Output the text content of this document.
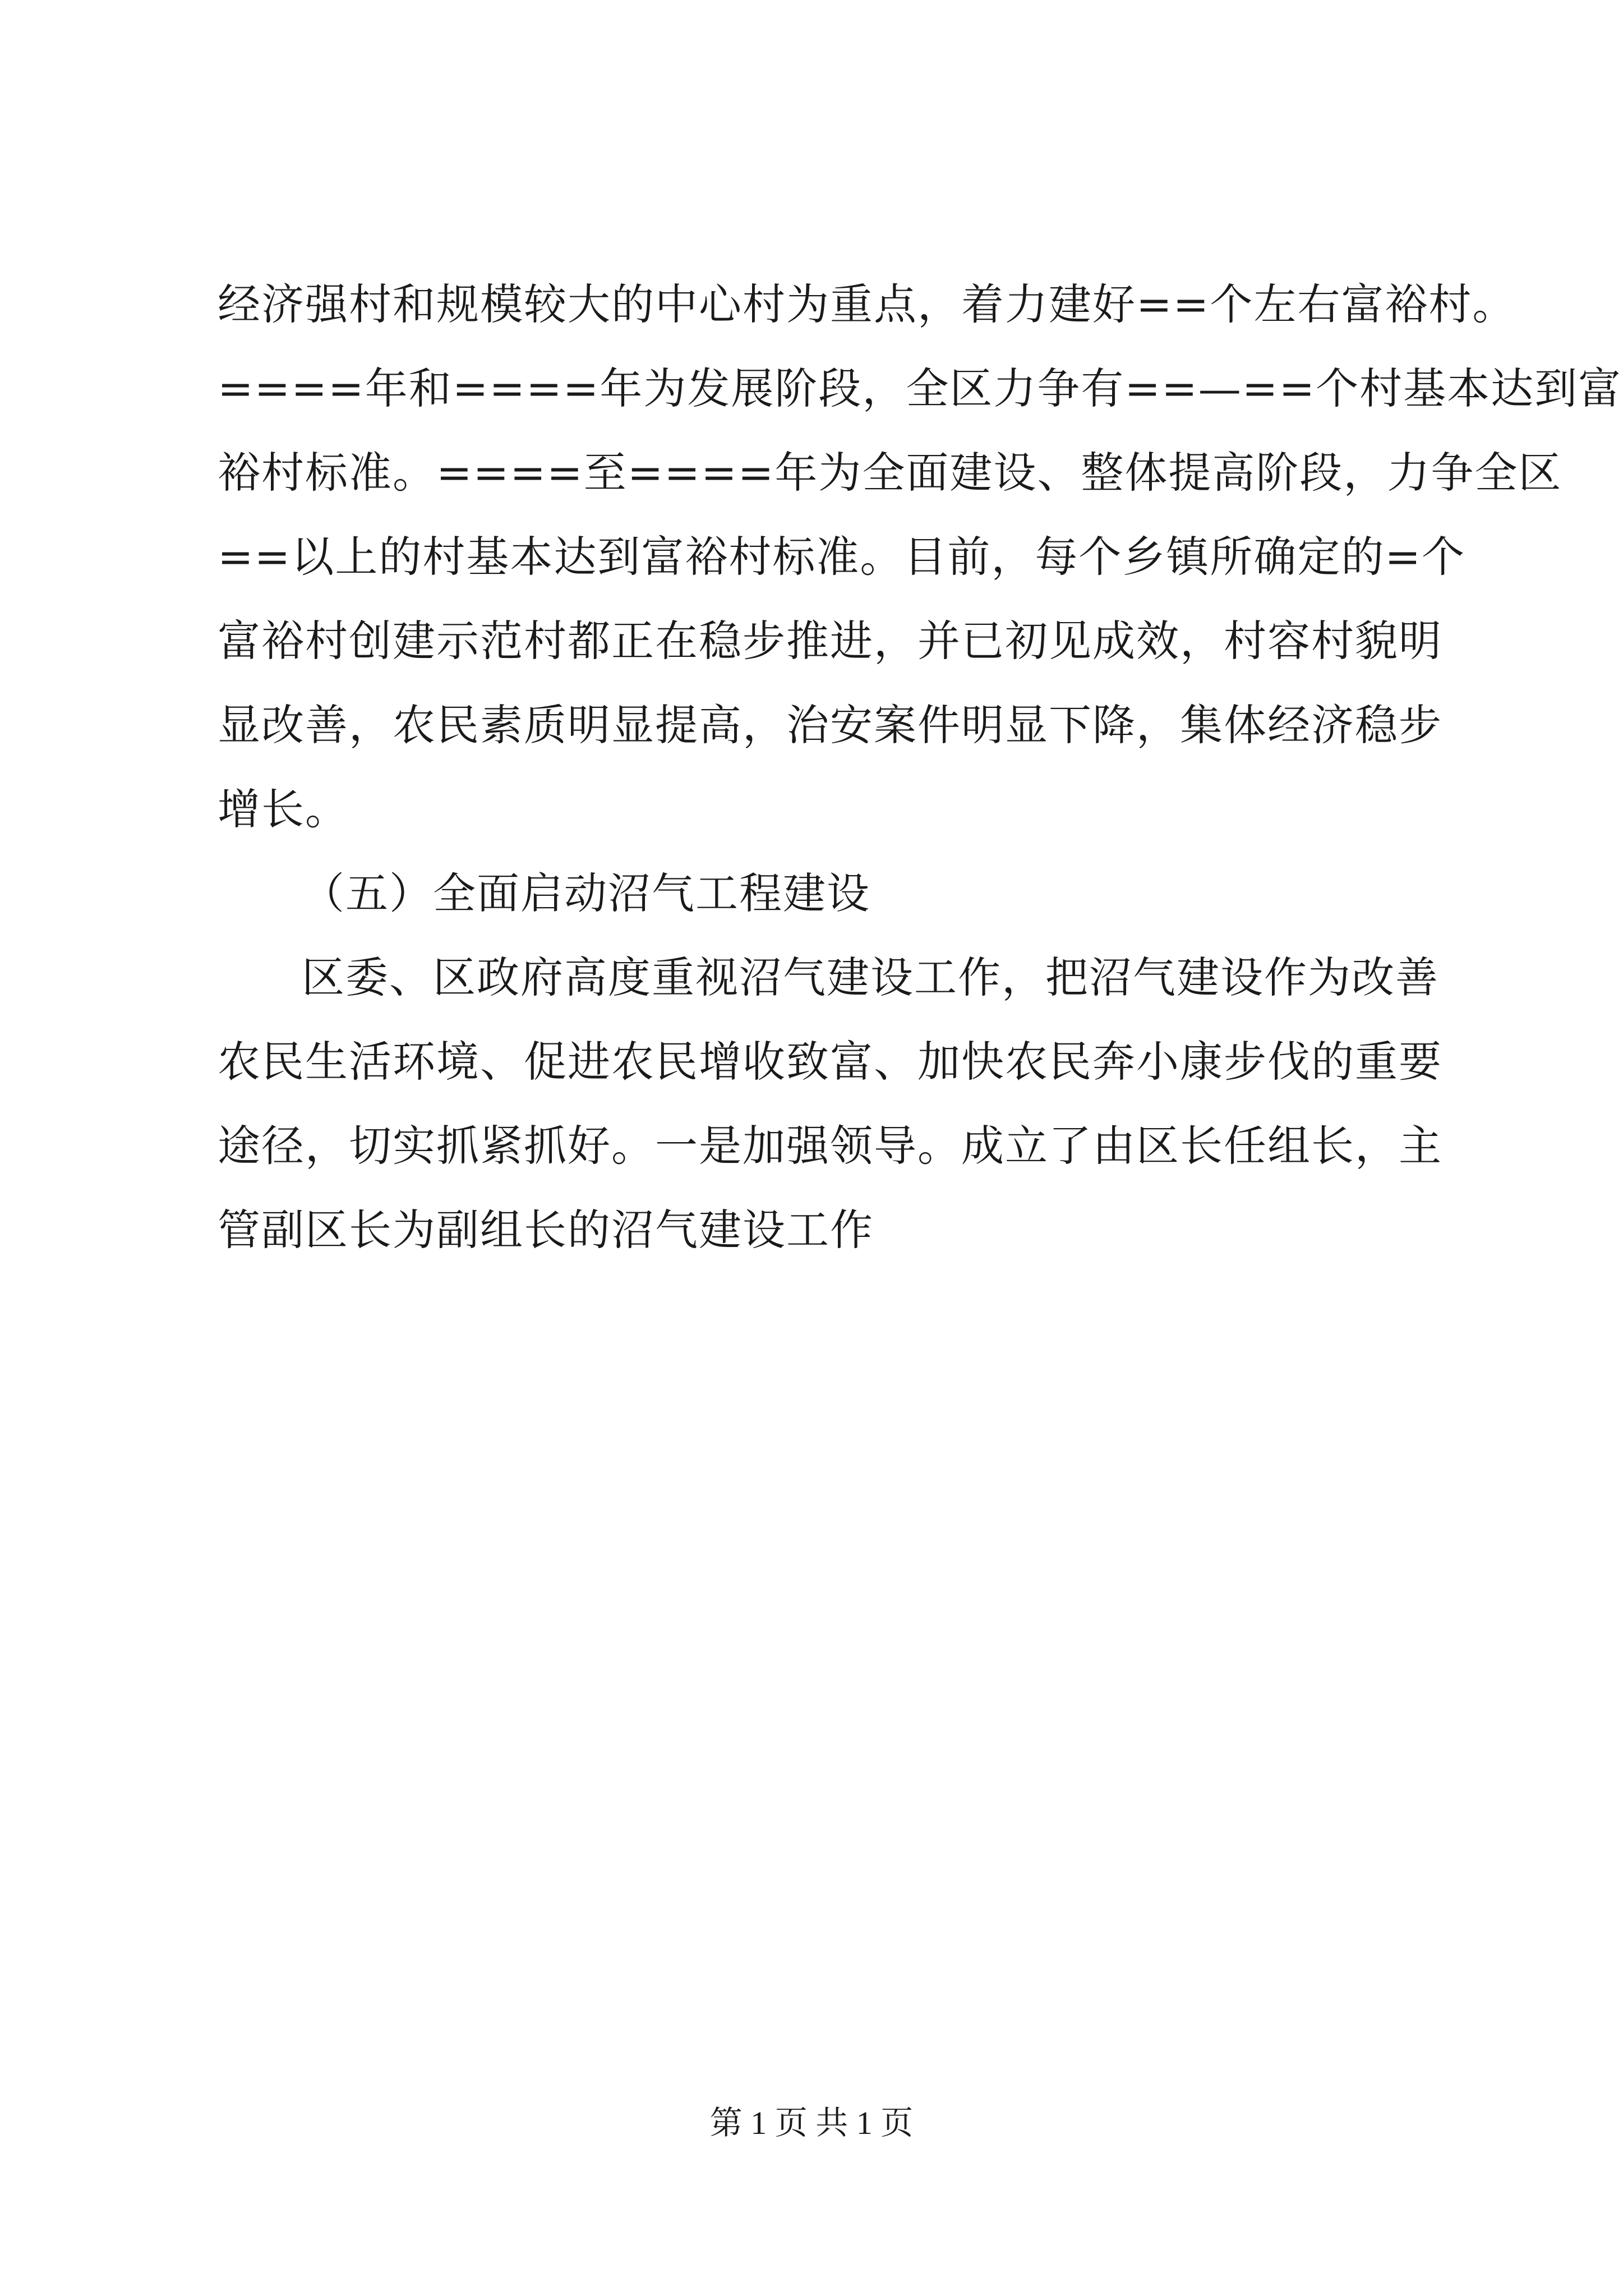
经济强村和规模较大的中心村为重点，着力建好==个左右富裕村。
====年和====年为发展阶段，全区力争有==—==个村基本达到富
裕村标准。====至====年为全面建设、整体提高阶段，力争全区
==以上的村基本达到富裕村标准。目前，每个乡镇所确定的=个
富裕村创建示范村都正在稳步推进，并已初见成效，村容村貌明
显改善，农民素质明显提高，治安案件明显下降，集体经济稳步
增长。
（五）全面启动沼气工程建设
区委、区政府高度重视沼气建设工作，把沼气建设作为改善
农民生活环境、促进农民增收致富、加快农民奔小康步伐的重要
途径，切实抓紧抓好。一是加强领导。成立了由区长任组长，主
管副区长为副组长的沼气建设工作
第 1 页 共 1 页
